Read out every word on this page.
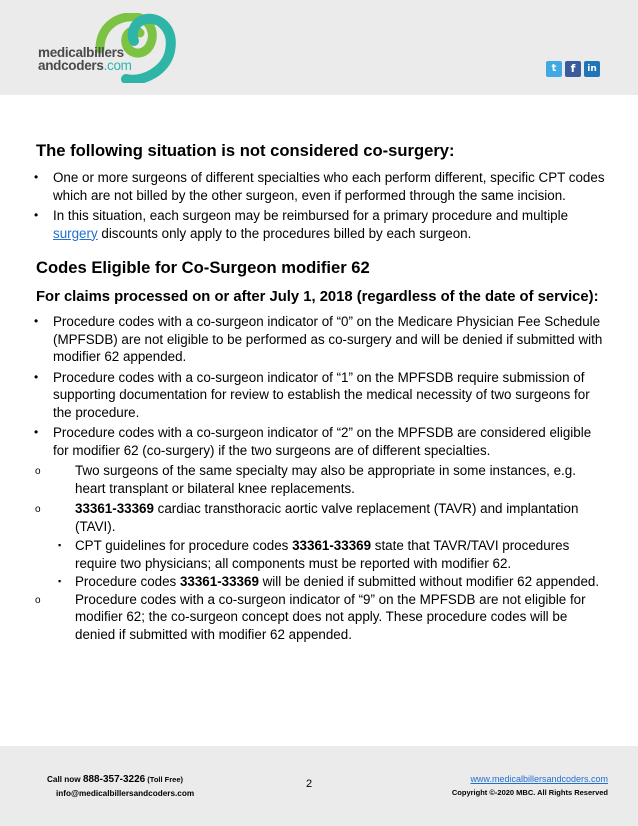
medicalbillers
andcoders.com	t	f	in
The following situation is not considered co-surgery:
• One or more surgeons of different specialties who each perform different, specific CPT codes which are not billed by the other surgeon, even if performed through the same incision.
• In this situation, each surgeon may be reimbursed for a primary procedure and multiple surgery discounts only apply to the procedures billed by each surgeon.
Codes Eligible for Co-Surgeon modifier 62
For claims processed on or after July 1, 2018 (regardless of the date of service):
• Procedure codes with a co-surgeon indicator of “0” on the Medicare Physician Fee Schedule (MPFSDB) are not eligible to be performed as co-surgery and will be denied if submitted with modifier 62 appended.
• Procedure codes with a co-surgeon indicator of “1” on the MPFSDB require submission of supporting documentation for review to establish the medical necessity of two surgeons for the procedure.
• Procedure codes with a co-surgeon indicator of “2” on the MPFSDB are considered eligible for modifier 62 (co-surgery) if the two surgeons are of different specialties.
o Two surgeons of the same specialty may also be appropriate in some instances, e.g. heart transplant or bilateral knee replacements.
o 33361-33369 cardiac transthoracic aortic valve replacement (TAVR) and implantation (TAVI).
▪ CPT guidelines for procedure codes 33361-33369 state that TAVR/TAVI procedures require two physicians; all components must be reported with modifier 62.
▪ Procedure codes 33361-33369 will be denied if submitted without modifier 62 appended.
o Procedure codes with a co-surgeon indicator of “9” on the MPFSDB are not eligible for modifier 62; the co-surgeon concept does not apply. These procedure codes will be denied if submitted with modifier 62 appended.
Call now 888-357-3226 (Toll Free)
info@medicalbillersandcoders.com
2	www.medicalbillersandcoders.com
Copyright ©-2020 MBC. All Rights Reserved
